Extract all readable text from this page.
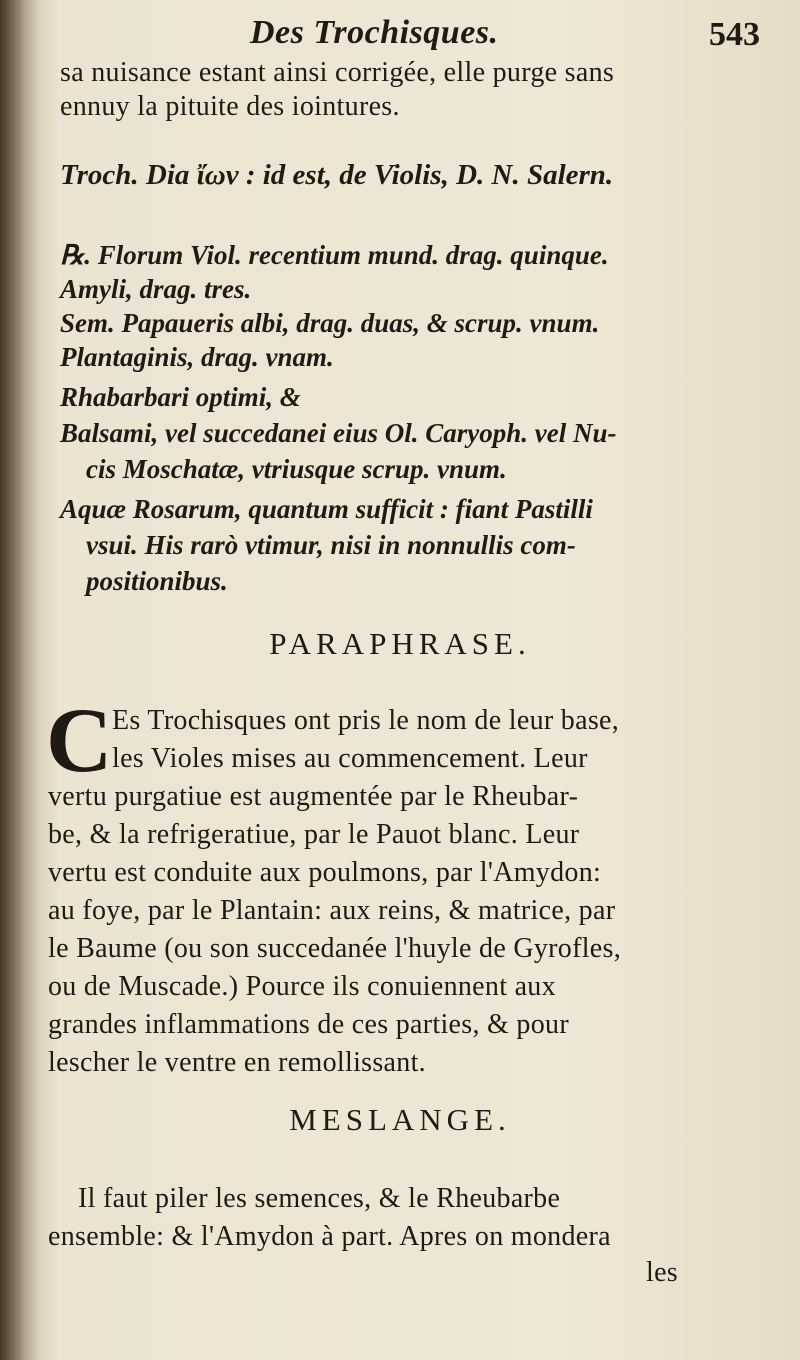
Des Trochisques.	543
sa nuisance estant ainsi corrigée, elle purge sans
ennuy la pituite des iointures.
Troch. Dia ἴων : id est, de Violis, D. N. Salern.
℞. Florum Viol. recentium mund. drag. quinque.
Amyli, drag. tres.
Sem. Papaueris albi, drag. duas, & scrup. vnum.
Plantaginis, drag. vnam.
Rhabarbari optimi, &
Balsami, vel succedanei eius Ol. Caryoph. vel Nu-
cis Moschatæ, vtriusque scrup. vnum.
Aquæ Rosarum, quantum sufficit : fiant Pastilli
vsui. His rarò vtimur, nisi in nonnullis com-
positionibus.
PARAPHRASE.
C Es Trochisques ont pris le nom de leur base,
les Violes mises au commencement. Leur
vertu purgatiue est augmentée par le Rheubar-
be, & la refrigeratiue, par le Pauot blanc. Leur
vertu est conduite aux poulmons, par l'Amydon:
au foye, par le Plantain: aux reins, & matrice, par
le Baume (ou son succedanée l'huyle de Gyrofles,
ou de Muscade.) Pource ils conuiennent aux
grandes inflammations de ces parties, & pour
lescher le ventre en remollissant.
MESLANGE.
Il faut piler les semences, & le Rheubarbe
ensemble: & l'Amydon à part. Apres on mondera
les
